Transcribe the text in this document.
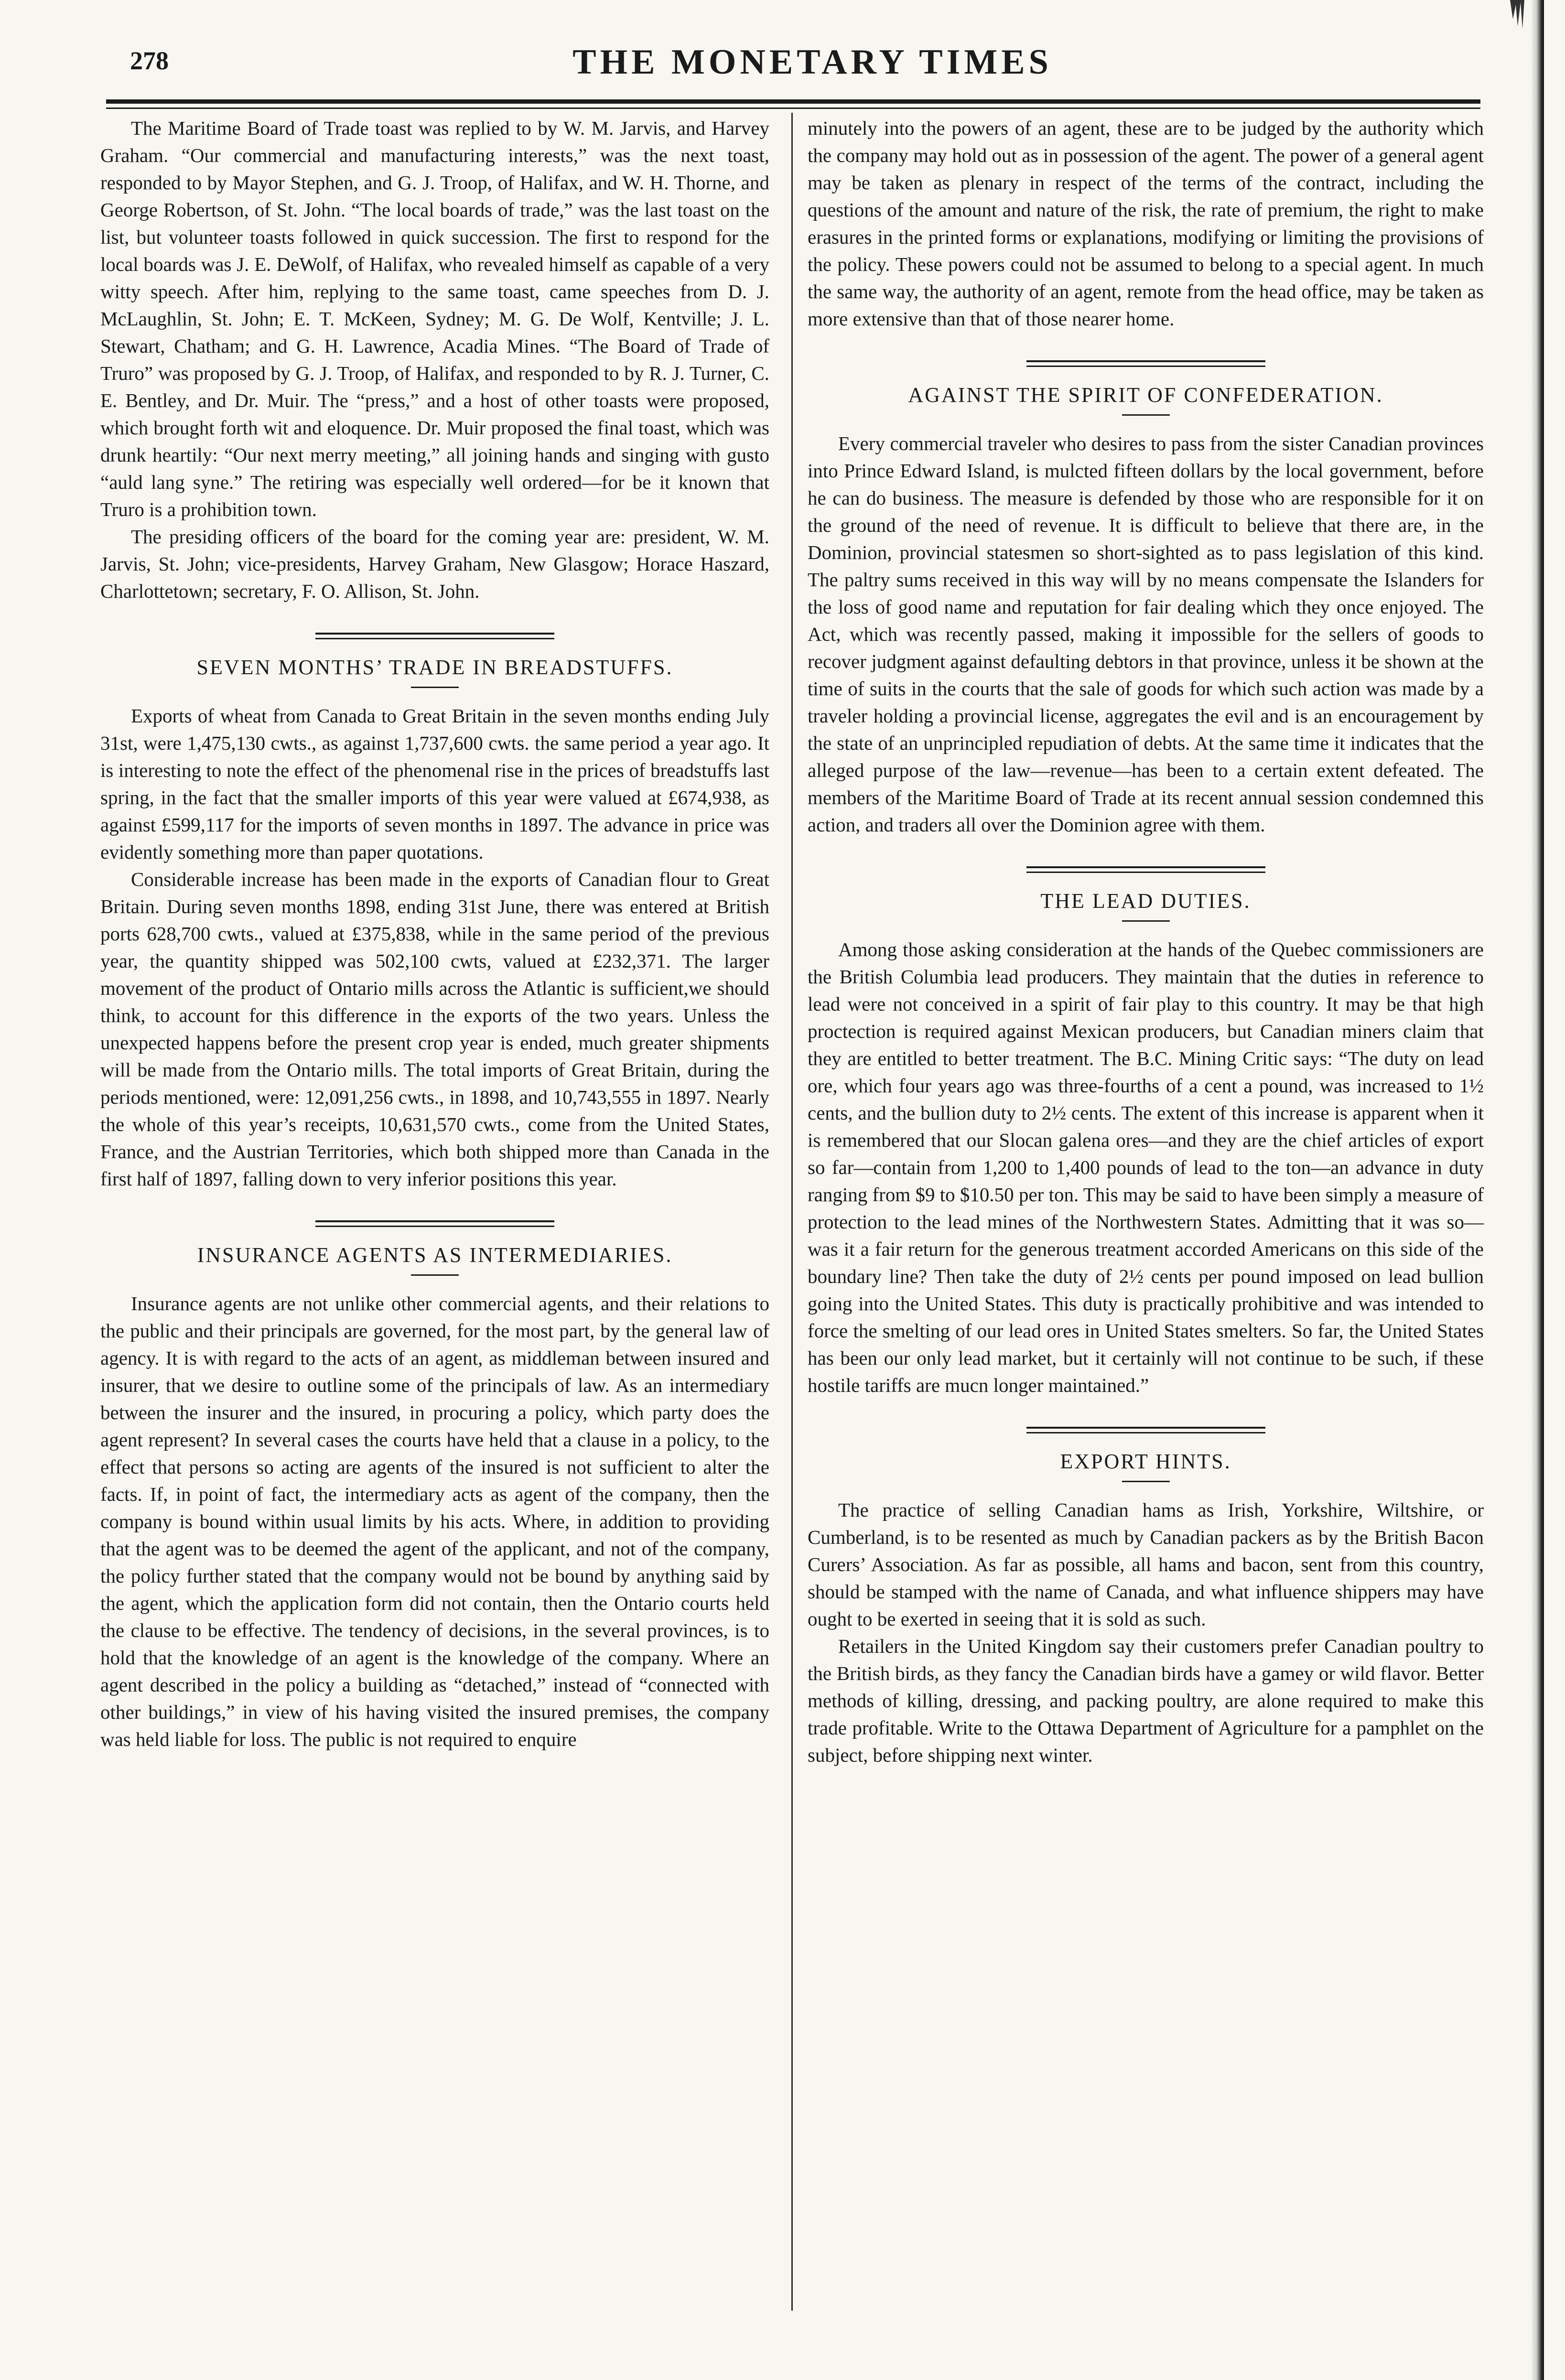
278	THE MONETARY TIMES

The Maritime Board of Trade toast was replied to by W. M. Jarvis, and Harvey Graham. “Our commercial and manufacturing interests,” was the next toast, responded to by Mayor Stephen, and G. J. Troop, of Halifax, and W. H. Thorne, and George Robertson, of St. John. “The local boards of trade,” was the last toast on the list, but volunteer toasts followed in quick succession. The first to respond for the local boards was J. E. DeWolf, of Halifax, who revealed himself as capable of a very witty speech. After him, replying to the same toast, came speeches from D. J. McLaughlin, St. John; E. T. McKeen, Sydney; M. G. De Wolf, Kentville; J. L. Stewart, Chatham; and G. H. Lawrence, Acadia Mines. “The Board of Trade of Truro” was proposed by G. J. Troop, of Halifax, and responded to by R. J. Turner, C. E. Bentley, and Dr. Muir. The “press,” and a host of other toasts were proposed, which brought forth wit and eloquence. Dr. Muir proposed the final toast, which was drunk heartily: “Our next merry meeting,” all joining hands and singing with gusto “auld lang syne.” The retiring was especially well ordered—for be it known that Truro is a prohibition town.

The presiding officers of the board for the coming year are: president, W. M. Jarvis, St. John; vice-presidents, Harvey Graham, New Glasgow; Horace Haszard, Charlottetown; secretary, F. O. Allison, St. John.

SEVEN MONTHS’ TRADE IN BREADSTUFFS.

Exports of wheat from Canada to Great Britain in the seven months ending July 31st, were 1,475,130 cwts., as against 1,737,600 cwts. the same period a year ago. It is interesting to note the effect of the phenomenal rise in the prices of breadstuffs last spring, in the fact that the smaller imports of this year were valued at £674,938, as against £599,117 for the imports of seven months in 1897. The advance in price was evidently something more than paper quotations.

Considerable increase has been made in the exports of Canadian flour to Great Britain. During seven months 1898, ending 31st June, there was entered at British ports 628,700 cwts., valued at £375,838, while in the same period of the previous year, the quantity shipped was 502,100 cwts, valued at £232,371. The larger movement of the product of Ontario mills across the Atlantic is sufficient,we should think, to account for this difference in the exports of the two years. Unless the unexpected happens before the present crop year is ended, much greater shipments will be made from the Ontario mills. The total imports of Great Britain, during the periods mentioned, were: 12,091,256 cwts., in 1898, and 10,743,555 in 1897. Nearly the whole of this year’s receipts, 10,631,570 cwts., come from the United States, France, and the Austrian Territories, which both shipped more than Canada in the first half of 1897, falling down to very inferior positions this year.

INSURANCE AGENTS AS INTERMEDIARIES.

Insurance agents are not unlike other commercial agents, and their relations to the public and their principals are governed, for the most part, by the general law of agency. It is with regard to the acts of an agent, as middleman between insured and insurer, that we desire to outline some of the principals of law. As an intermediary between the insurer and the insured, in procuring a policy, which party does the agent represent? In several cases the courts have held that a clause in a policy, to the effect that persons so acting are agents of the insured is not sufficient to alter the facts. If, in point of fact, the intermediary acts as agent of the company, then the company is bound within usual limits by his acts. Where, in addition to providing that the agent was to be deemed the agent of the applicant, and not of the company, the policy further stated that the company would not be bound by anything said by the agent, which the application form did not contain, then the Ontario courts held the clause to be effective. The tendency of decisions, in the several provinces, is to hold that the knowledge of an agent is the knowledge of the company. Where an agent described in the policy a building as “detached,” instead of “connected with other buildings,” in view of his having visited the insured premises, the company was held liable for loss. The public is not required to enquire

minutely into the powers of an agent, these are to be judged by the authority which the company may hold out as in possession of the agent. The power of a general agent may be taken as plenary in respect of the terms of the contract, including the questions of the amount and nature of the risk, the rate of premium, the right to make erasures in the printed forms or explanations, modifying or limiting the provisions of the policy. These powers could not be assumed to belong to a special agent. In much the same way, the authority of an agent, remote from the head office, may be taken as more extensive than that of those nearer home.

AGAINST THE SPIRIT OF CONFEDERATION.

Every commercial traveler who desires to pass from the sister Canadian provinces into Prince Edward Island, is mulcted fifteen dollars by the local government, before he can do business. The measure is defended by those who are responsible for it on the ground of the need of revenue. It is difficult to believe that there are, in the Dominion, provincial statesmen so short-sighted as to pass legislation of this kind. The paltry sums received in this way will by no means compensate the Islanders for the loss of good name and reputation for fair dealing which they once enjoyed. The Act, which was recently passed, making it impossible for the sellers of goods to recover judgment against defaulting debtors in that province, unless it be shown at the time of suits in the courts that the sale of goods for which such action was made by a traveler holding a provincial license, aggregates the evil and is an encouragement by the state of an unprincipled repudiation of debts. At the same time it indicates that the alleged purpose of the law—revenue—has been to a certain extent defeated. The members of the Maritime Board of Trade at its recent annual session condemned this action, and traders all over the Dominion agree with them.

THE LEAD DUTIES.

Among those asking consideration at the hands of the Quebec commissioners are the British Columbia lead producers. They maintain that the duties in reference to lead were not conceived in a spirit of fair play to this country. It may be that high proctection is required against Mexican producers, but Canadian miners claim that they are entitled to better treatment. The B.C. Mining Critic says: “The duty on lead ore, which four years ago was three-fourths of a cent a pound, was increased to 1½ cents, and the bullion duty to 2½ cents. The extent of this increase is apparent when it is remembered that our Slocan galena ores—and they are the chief articles of export so far—contain from 1,200 to 1,400 pounds of lead to the ton—an advance in duty ranging from $9 to $10.50 per ton. This may be said to have been simply a measure of protection to the lead mines of the Northwestern States. Admitting that it was so—was it a fair return for the generous treatment accorded Americans on this side of the boundary line? Then take the duty of 2½ cents per pound imposed on lead bullion going into the United States. This duty is practically prohibitive and was intended to force the smelting of our lead ores in United States smelters. So far, the United States has been our only lead market, but it certainly will not continue to be such, if these hostile tariffs are mucn longer maintained.”

EXPORT HINTS.

The practice of selling Canadian hams as Irish, Yorkshire, Wiltshire, or Cumberland, is to be resented as much by Canadian packers as by the British Bacon Curers’ Association. As far as possible, all hams and bacon, sent from this country, should be stamped with the name of Canada, and what influence shippers may have ought to be exerted in seeing that it is sold as such.

Retailers in the United Kingdom say their customers prefer Canadian poultry to the British birds, as they fancy the Canadian birds have a gamey or wild flavor. Better methods of killing, dressing, and packing poultry, are alone required to make this trade profitable. Write to the Ottawa Department of Agriculture for a pamphlet on the subject, before shipping next winter.
